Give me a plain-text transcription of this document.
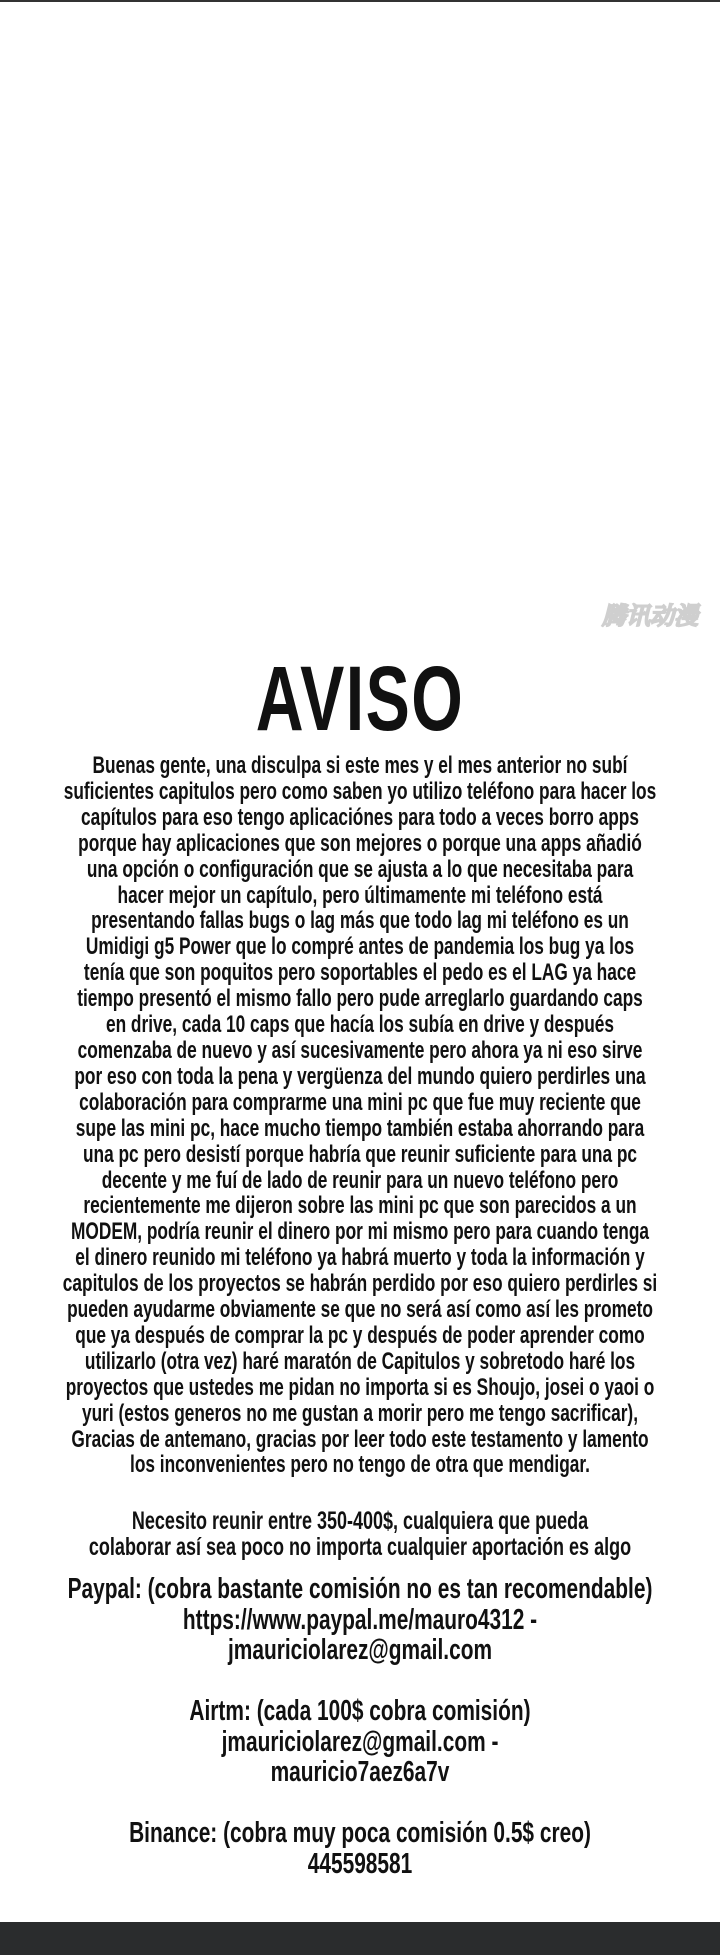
腾讯动漫
AVISO
Buenas gente, una disculpa si este mes y el mes anterior no subí
suficientes capitulos pero como saben yo utilizo teléfono para hacer los
capítulos para eso tengo aplicaciónes para todo a veces borro apps
porque hay aplicaciones que son mejores o porque una apps añadió
una opción o configuración que se ajusta a lo que necesitaba para
hacer mejor un capítulo, pero últimamente mi teléfono está
presentando fallas bugs o lag más que todo lag mi teléfono es un
Umidigi g5 Power que lo compré antes de pandemia los bug ya los
tenía que son poquitos pero soportables el pedo es el LAG ya hace
tiempo presentó el mismo fallo pero pude arreglarlo guardando caps
en drive, cada 10 caps que hacía los subía en drive y después
comenzaba de nuevo y así sucesivamente pero ahora ya ni eso sirve
por eso con toda la pena y vergüenza del mundo quiero perdirles una
colaboración para comprarme una mini pc que fue muy reciente que
supe las mini pc, hace mucho tiempo también estaba ahorrando para
una pc pero desistí porque habría que reunir suficiente para una pc
decente y me fuí de lado de reunir para un nuevo teléfono pero
recientemente me dijeron sobre las mini pc que son parecidos a un
MODEM, podría reunir el dinero por mi mismo pero para cuando tenga
el dinero reunido mi teléfono ya habrá muerto y toda la información y
capitulos de los proyectos se habrán perdido por eso quiero perdirles si
pueden ayudarme obviamente se que no será así como así les prometo
que ya después de comprar la pc y después de poder aprender como
utilizarlo (otra vez) haré maratón de Capitulos y sobretodo haré los
proyectos que ustedes me pidan no importa si es Shoujo, josei o yaoi o
yuri (estos generos no me gustan a morir pero me tengo sacrificar),
Gracias de antemano, gracias por leer todo este testamento y lamento
los inconvenientes pero no tengo de otra que mendigar.
Necesito reunir entre 350-400$, cualquiera que pueda
colaborar así sea poco no importa cualquier aportación es algo
Paypal: (cobra bastante comisión no es tan recomendable)
https://www.paypal.me/mauro4312 -
jmauriciolarez@gmail.com
Airtm: (cada 100$ cobra comisión)
jmauriciolarez@gmail.com -
mauricio7aez6a7v
Binance: (cobra muy poca comisión 0.5$ creo)
445598581
